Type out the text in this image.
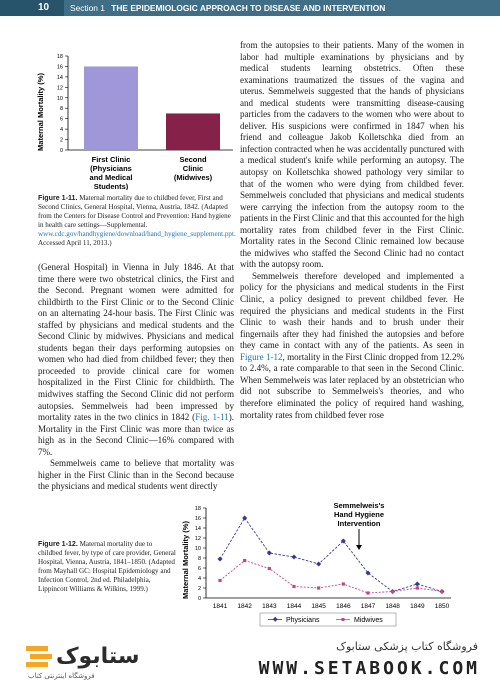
10	Section 1 THE EPIDEMIOLOGIC APPROACH TO DISEASE AND INTERVENTION
Maternal Mortality (%)
0
2
4
6
8
10
12
14
16
18
First Clinic
(Physicians
and Medical
Students)
Second
Clinic
(Midwives)
Figure 1-11. Maternal mortality due to childbed fever, First and Second Clinics, General Hospital, Vienna, Austria, 1842. (Adapted from the Centers for Disease Control and Prevention: Hand hygiene in health care settings—Supplemental. www.cdc.gov/handhygiene/download/hand_hygiene_supplement.ppt. Accessed April 11, 2013.)

(General Hospital) in Vienna in July 1846. At that time there were two obstetrical clinics, the First and the Second. Pregnant women were admitted for childbirth to the First Clinic or to the Second Clinic on an alternating 24-hour basis. The First Clinic was staffed by physicians and medical students and the Second Clinic by midwives. Physicians and medical students began their days performing autopsies on women who had died from childbed fever; they then proceeded to provide clinical care for women hospitalized in the First Clinic for childbirth. The midwives staffing the Second Clinic did not perform autopsies. Semmelweis had been impressed by mortality rates in the two clinics in 1842 (Fig. 1-11). Mortality in the First Clinic was more than twice as high as in the Second Clinic—16% compared with 7%.

Semmelweis came to believe that mortality was higher in the First Clinic than in the Second because the physicians and medical students went directly

from the autopsies to their patients. Many of the women in labor had multiple examinations by physicians and by medical students learning obstetrics. Often these examinations traumatized the tissues of the vagina and uterus. Semmelweis suggested that the hands of physicians and medical students were transmitting disease-causing particles from the cadavers to the women who were about to deliver. His suspicions were confirmed in 1847 when his friend and colleague Jakob Kolletschka died from an infection contracted when he was accidentally punctured with a medical student's knife while performing an autopsy. The autopsy on Kolletschka showed pathology very similar to that of the women who were dying from childbed fever. Semmelweis concluded that physicians and medical students were carrying the infection from the autopsy room to the patients in the First Clinic and that this accounted for the high mortality rates from childbed fever in the First Clinic. Mortality rates in the Second Clinic remained low because the midwives who staffed the Second Clinic had no contact with the autopsy room.

Semmelweis therefore developed and implemented a policy for the physicians and medical students in the First Clinic, a policy designed to prevent childbed fever. He required the physicians and medical students in the First Clinic to wash their hands and to brush under their fingernails after they had finished the autopsies and before they came in contact with any of the patients. As seen in Figure 1-12, mortality in the First Clinic dropped from 12.2% to 2.4%, a rate comparable to that seen in the Second Clinic. When Semmelweis was later replaced by an obstetrician who did not subscribe to Semmelweis's theories, and who therefore eliminated the policy of required hand washing, mortality rates from childbed fever rose

Figure 1-12. Maternal mortality due to childbed fever, by type of care provider, General Hospital, Vienna, Austria, 1841–1850. (Adapted from Mayhall GC: Hospital Epidemiology and Infection Control, 2nd ed. Philadelphia, Lippincott Williams & Wilkins, 1999.)	Maternal Mortality (%)
0
2
4
6
8
10
12
14
16
18
1841 1842 1843 1844 1845 1846 1847 1848 1849 1850
Semmelweis's
Hand Hygiene
Intervention
Physicians	Midwives
ستابوک
فروشگاه اینترنتی کتاب
فروشگاه کتاب پزشکی ستابوک
WWW.SETABOOK.COM
